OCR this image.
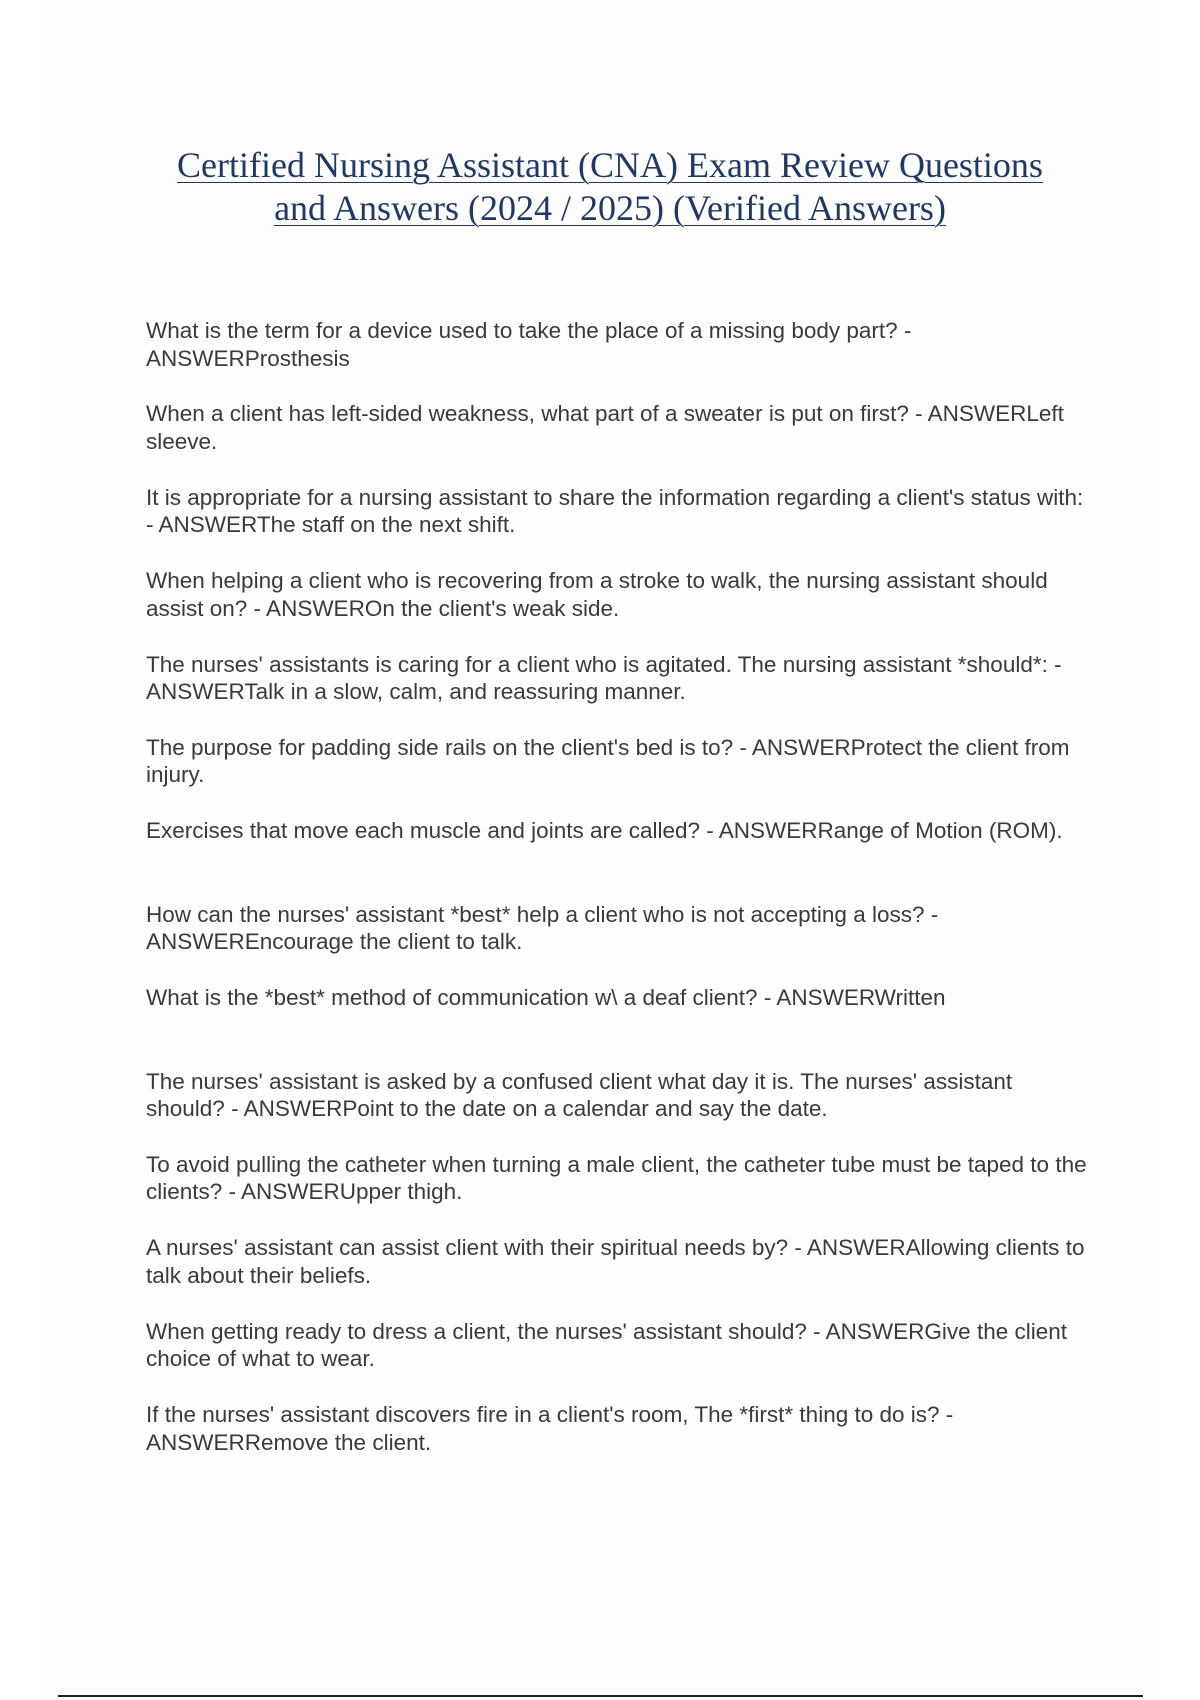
Certified Nursing Assistant (CNA) Exam Review Questions
and Answers (2024 / 2025) (Verified Answers)
What is the term for a device used to take the place of a missing body part? - ANSWERProsthesis
When a client has left-sided weakness, what part of a sweater is put on first? - ANSWERLeft sleeve.
It is appropriate for a nursing assistant to share the information regarding a client's status with: - ANSWERThe staff on the next shift.
When helping a client who is recovering from a stroke to walk, the nursing assistant should assist on? - ANSWEROn the client's weak side.
The nurses' assistants is caring for a client who is agitated. The nursing assistant *should*: - ANSWERTalk in a slow, calm, and reassuring manner.
The purpose for padding side rails on the client's bed is to? - ANSWERProtect the client from injury.
Exercises that move each muscle and joints are called? - ANSWERRange of Motion (ROM).
How can the nurses' assistant *best* help a client who is not accepting a loss? - ANSWEREncourage the client to talk.
What is the *best* method of communication w\ a deaf client? - ANSWERWritten
The nurses' assistant is asked by a confused client what day it is. The nurses' assistant should? - ANSWERPoint to the date on a calendar and say the date.
To avoid pulling the catheter when turning a male client, the catheter tube must be taped to the clients? - ANSWERUpper thigh.
A nurses' assistant can assist client with their spiritual needs by? - ANSWERAllowing clients to talk about their beliefs.
When getting ready to dress a client, the nurses' assistant should? - ANSWERGive the client choice of what to wear.
If the nurses' assistant discovers fire in a client's room, The *first* thing to do is? - ANSWERRemove the client.
